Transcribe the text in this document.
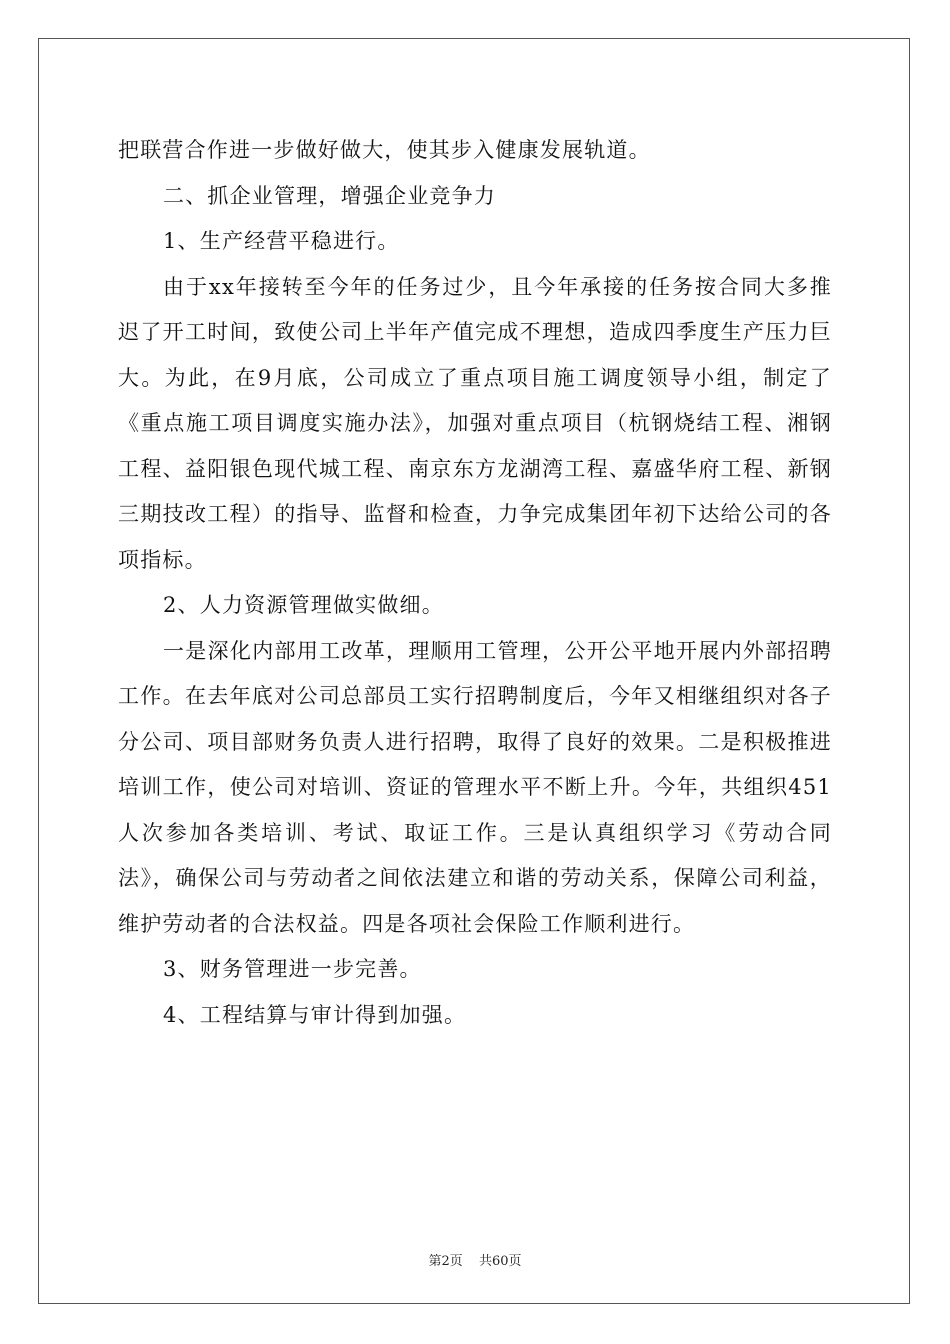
把联营合作进一步做好做大，使其步入健康发展轨道。

二、抓企业管理，增强企业竞争力

1、生产经营平稳进行。

由于xx年接转至今年的任务过少，且今年承接的任务按合同大多推迟了开工时间，致使公司上半年产值完成不理想，造成四季度生产压力巨大。为此，在9月底，公司成立了重点项目施工调度领导小组，制定了《重点施工项目调度实施办法》，加强对重点项目（杭钢烧结工程、湘钢工程、益阳银色现代城工程、南京东方龙湖湾工程、嘉盛华府工程、新钢三期技改工程）的指导、监督和检查，力争完成集团年初下达给公司的各项指标。

2、人力资源管理做实做细。

一是深化内部用工改革，理顺用工管理，公开公平地开展内外部招聘工作。在去年底对公司总部员工实行招聘制度后，今年又相继组织对各子分公司、项目部财务负责人进行招聘，取得了良好的效果。二是积极推进培训工作，使公司对培训、资证的管理水平不断上升。今年，共组织451人次参加各类培训、考试、取证工作。三是认真组织学习《劳动合同法》，确保公司与劳动者之间依法建立和谐的劳动关系，保障公司利益，维护劳动者的合法权益。四是各项社会保险工作顺利进行。

3、财务管理进一步完善。

4、工程结算与审计得到加强。

第2页 共60页
